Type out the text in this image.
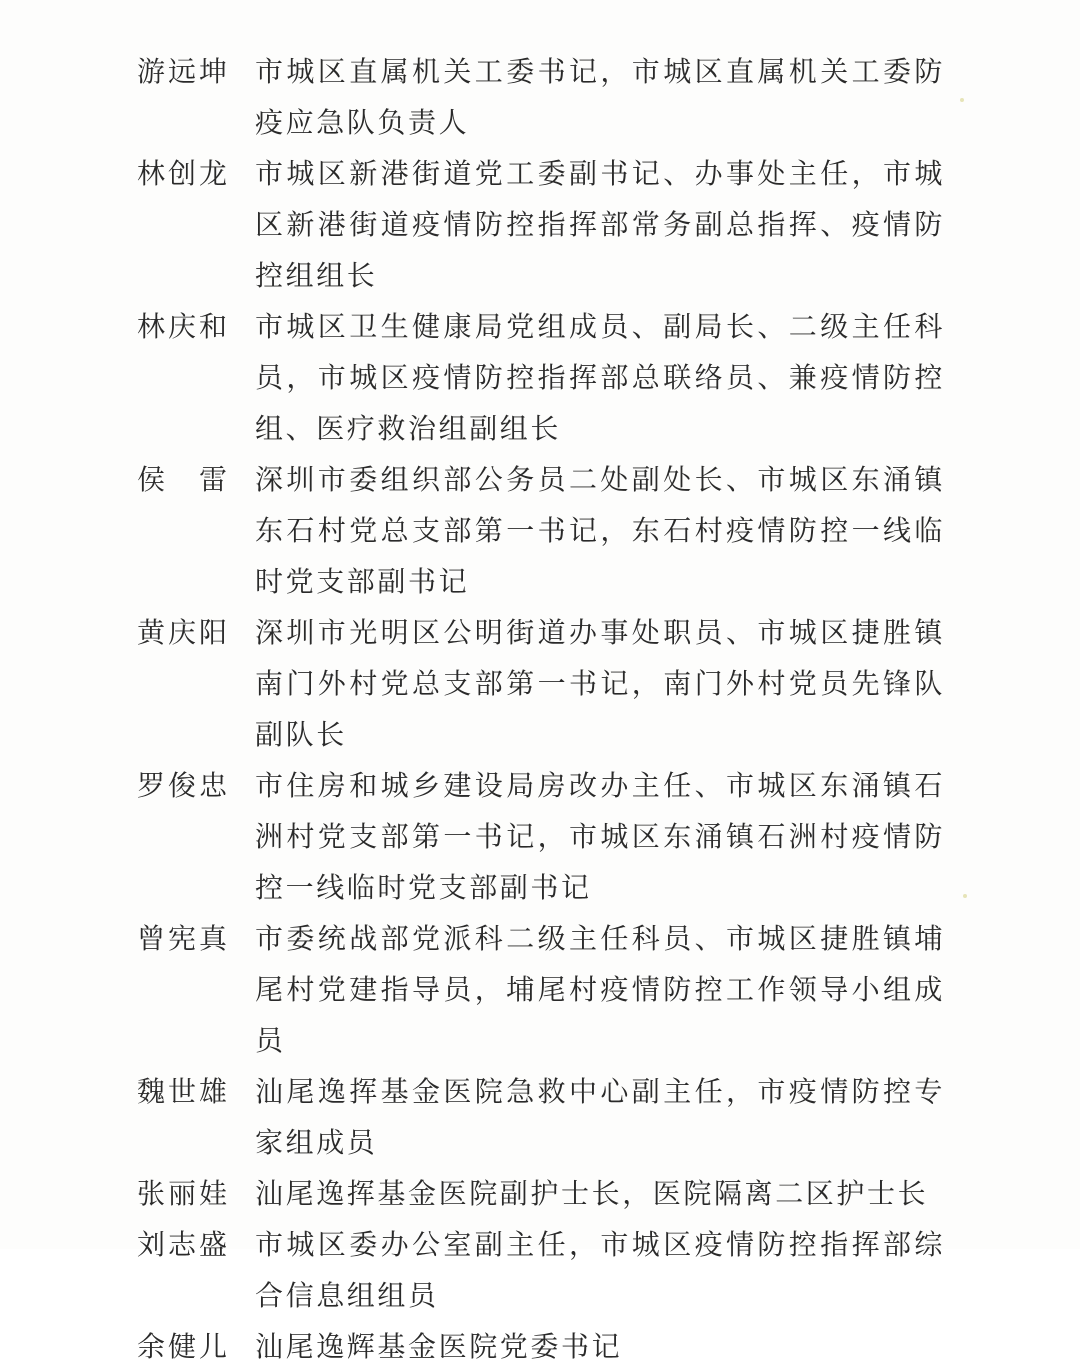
游远坤 市城区直属机关工委书记，市城区直属机关工委防疫应急队负责人
林创龙 市城区新港街道党工委副书记、办事处主任，市城区新港街道疫情防控指挥部常务副总指挥、疫情防控组组长
林庆和 市城区卫生健康局党组成员、副局长、二级主任科员，市城区疫情防控指挥部总联络员、兼疫情防控组、医疗救治组副组长
侯　雷 深圳市委组织部公务员二处副处长、市城区东涌镇东石村党总支部第一书记，东石村疫情防控一线临时党支部副书记
黄庆阳 深圳市光明区公明街道办事处职员、市城区捷胜镇南门外村党总支部第一书记，南门外村党员先锋队副队长
罗俊忠 市住房和城乡建设局房改办主任、市城区东涌镇石洲村党支部第一书记，市城区东涌镇石洲村疫情防控一线临时党支部副书记
曾宪真 市委统战部党派科二级主任科员、市城区捷胜镇埔尾村党建指导员，埔尾村疫情防控工作领导小组成员
魏世雄 汕尾逸挥基金医院急救中心副主任，市疫情防控专家组成员
张丽娃 汕尾逸挥基金医院副护士长，医院隔离二区护士长
刘志盛 市城区委办公室副主任，市城区疫情防控指挥部综合信息组组员
余健儿 汕尾逸辉基金医院党委书记
